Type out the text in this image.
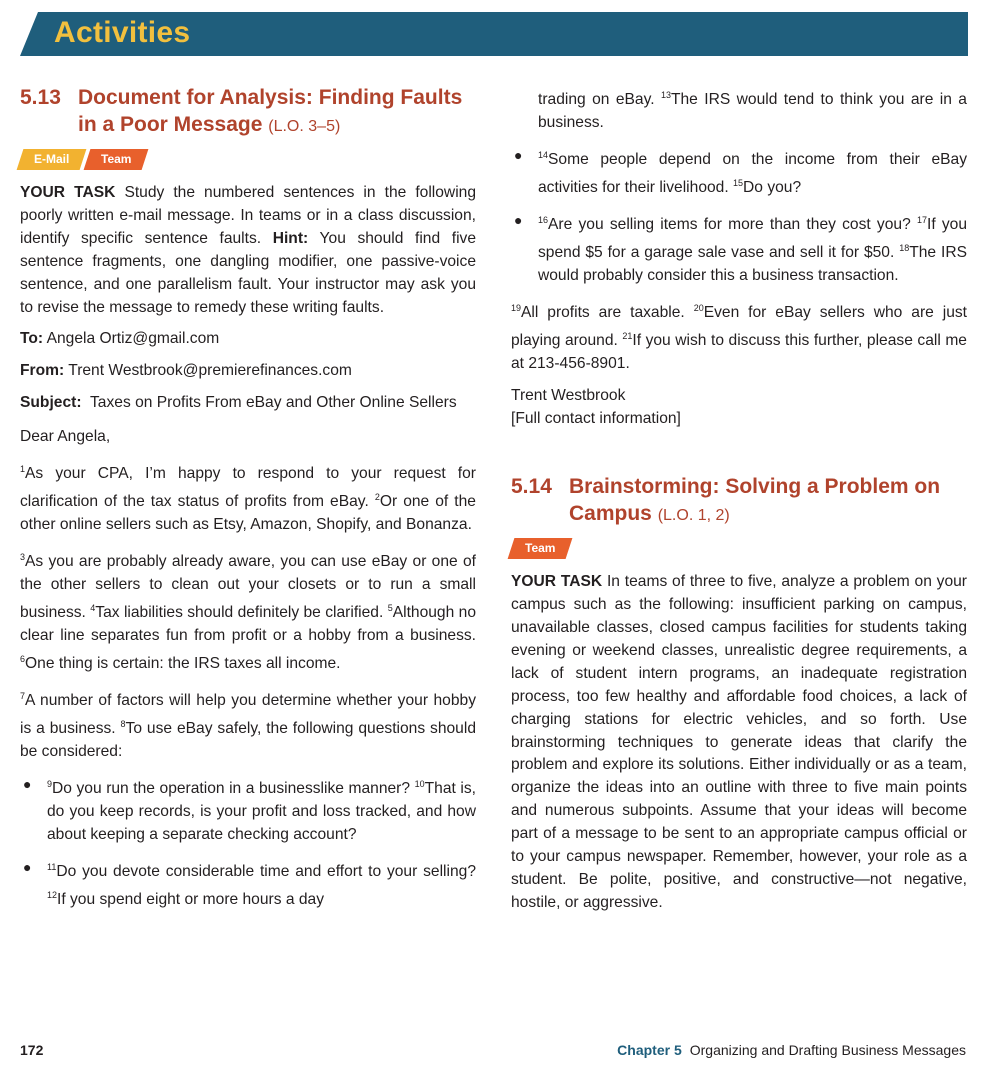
Activities
5.13 Document for Analysis: Finding Faults in a Poor Message (L.O. 3–5)
E-Mail	Team

YOUR TASK Study the numbered sentences in the following poorly written e-mail message. In teams or in a class discussion, identify specific sentence faults. Hint: You should find five sentence fragments, one dangling modifier, one passive-voice sentence, and one parallelism fault. Your instructor may ask you to revise the message to remedy these writing faults.

To: Angela Ortiz@gmail.com

From: Trent Westbrook@premierefinances.com

Subject: Taxes on Profits From eBay and Other Online Sellers

Dear Angela,

$^1$As your CPA, I’m happy to respond to your request for clarification of the tax status of profits from eBay. $^2$Or one of the other online sellers such as Etsy, Amazon, Shopify, and Bonanza.

$^3$As you are probably already aware, you can use eBay or one of the other sellers to clean out your closets or to run a small business. $^4$Tax liabilities should definitely be clarified. $^5$Although no clear line separates fun from profit or a hobby from a business. $^6$One thing is certain: the IRS taxes all income.

$^7$A number of factors will help you determine whether your hobby is a business. $^8$To use eBay safely, the following questions should be considered:

●	$^9$Do you run the operation in a businesslike manner? $^{10}$That is, do you keep records, is your profit and loss tracked, and how about keeping a separate checking account?
●	$^{11}$Do you devote considerable time and effort to your selling? $^{12}$If you spend eight or more hours a day
trading on eBay. $^{13}$The IRS would tend to think you are in a business.
●	$^{14}$Some people depend on the income from their eBay activities for their livelihood. $^{15}$Do you?
●	$^{16}$Are you selling items for more than they cost you? $^{17}$If you spend $5 for a garage sale vase and sell it for $50. $^{18}$The IRS would probably consider this a business transaction.

$^{19}$All profits are taxable. $^{20}$Even for eBay sellers who are just playing around. $^{21}$If you wish to discuss this further, please call me at 213-456-8901.

Trent Westbrook

[Full contact information]

5.14 Brainstorming: Solving a Problem on Campus (L.O. 1, 2)
Team

YOUR TASK In teams of three to five, analyze a problem on your campus such as the following: insufficient parking on campus, unavailable classes, closed campus facilities for students taking evening or weekend classes, unrealistic degree requirements, a lack of student intern programs, an inadequate registration process, too few healthy and affordable food choices, a lack of charging stations for electric vehicles, and so forth. Use brainstorming techniques to generate ideas that clarify the problem and explore its solutions. Either individually or as a team, organize the ideas into an outline with three to five main points and numerous subpoints. Assume that your ideas will become part of a message to be sent to an appropriate campus official or to your campus newspaper. Remember, however, your role as a student. Be polite, positive, and constructive—not negative, hostile, or aggressive.

172	Chapter 5 Organizing and Drafting Business Messages
